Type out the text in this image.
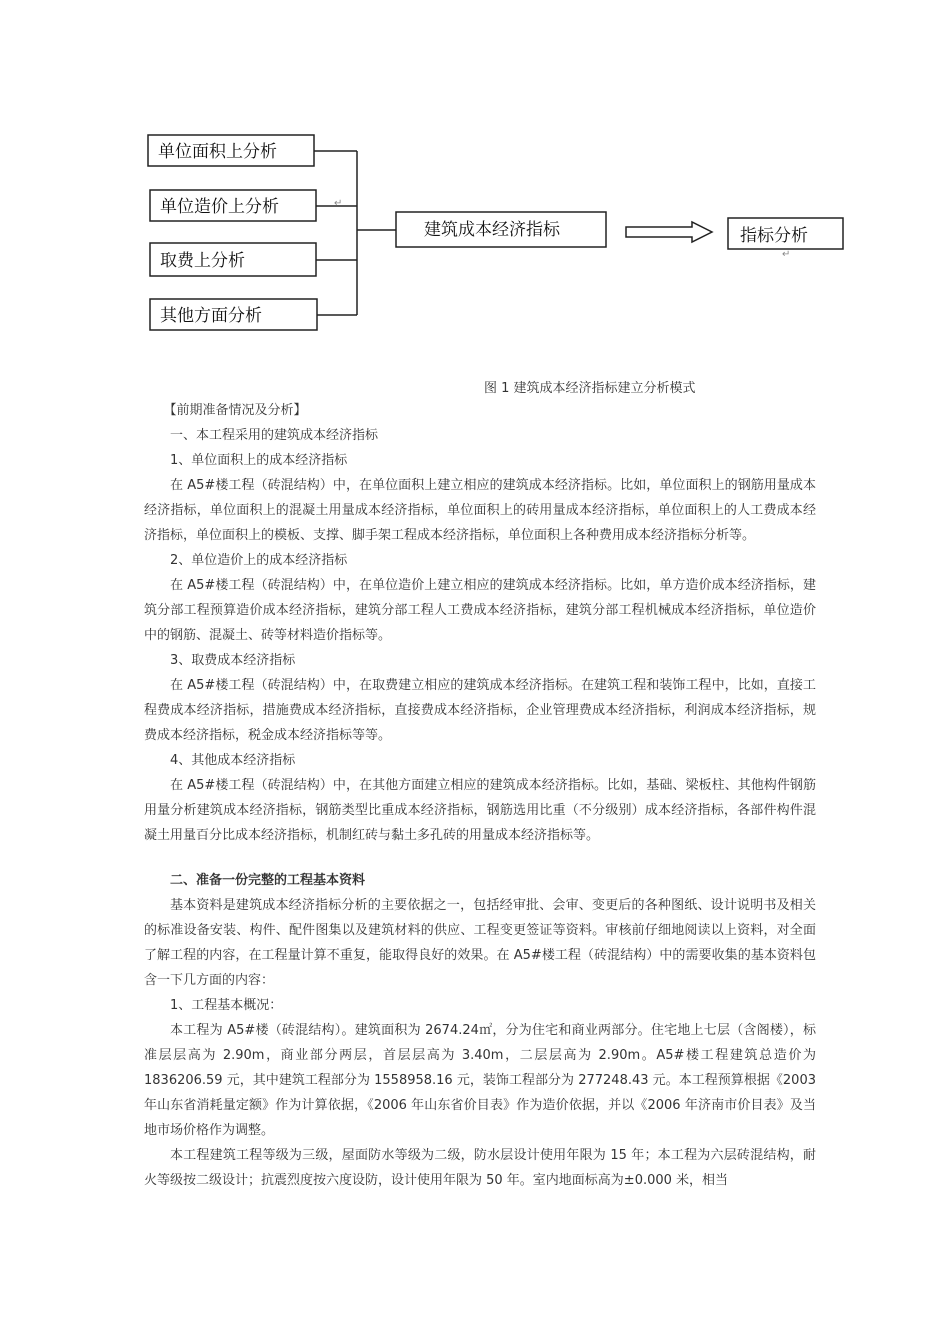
单位面积上分析
单位造价上分析
取费上分析
其他方面分析
↵
建筑成本经济指标	指标分析
↵
图 1 建筑成本经济指标建立分析模式

【前期准备情况及分析】

一、本工程采用的建筑成本经济指标

1、单位面积上的成本经济指标

在 A5#楼工程（砖混结构）中，在单位面积上建立相应的建筑成本经济指标。比如，单位面积上的钢筋用量成本经济指标，单位面积上的混凝土用量成本经济指标，单位面积上的砖用量成本经济指标，单位面积上的人工费成本经济指标，单位面积上的模板、支撑、脚手架工程成本经济指标，单位面积上各种费用成本经济指标分析等。

2、单位造价上的成本经济指标

在 A5#楼工程（砖混结构）中，在单位造价上建立相应的建筑成本经济指标。比如，单方造价成本经济指标，建筑分部工程预算造价成本经济指标，建筑分部工程人工费成本经济指标，建筑分部工程机械成本经济指标，单位造价中的钢筋、混凝土、砖等材料造价指标等。

3、取费成本经济指标

在 A5#楼工程（砖混结构）中，在取费建立相应的建筑成本经济指标。在建筑工程和装饰工程中，比如，直接工程费成本经济指标，措施费成本经济指标，直接费成本经济指标，企业管理费成本经济指标，利润成本经济指标，规费成本经济指标，税金成本经济指标等等。

4、其他成本经济指标

在 A5#楼工程（砖混结构）中，在其他方面建立相应的建筑成本经济指标。比如，基础、梁板柱、其他构件钢筋用量分析建筑成本经济指标，钢筋类型比重成本经济指标，钢筋选用比重（不分级别）成本经济指标，各部件构件混凝土用量百分比成本经济指标，机制红砖与黏土多孔砖的用量成本经济指标等。

二、准备一份完整的工程基本资料

基本资料是建筑成本经济指标分析的主要依据之一，包括经审批、会审、变更后的各种图纸、设计说明书及相关的标准设备安装、构件、配件图集以及建筑材料的供应、工程变更签证等资料。审核前仔细地阅读以上资料，对全面了解工程的内容，在工程量计算不重复，能取得良好的效果。在 A5#楼工程（砖混结构）中的需要收集的基本资料包含一下几方面的内容：

1、工程基本概况：

本工程为 A5#楼（砖混结构）。建筑面积为 2674.24㎡，分为住宅和商业两部分。住宅地上七层（含阁楼），标准层层高为 2.90m，商业部分两层，首层层高为 3.40m，二层层高为 2.90m。A5#楼工程建筑总造价为 1836206.59 元，其中建筑工程部分为 1558958.16 元，装饰工程部分为 277248.43 元。本工程预算根据《2003 年山东省消耗量定额》作为计算依据，《2006 年山东省价目表》作为造价依据，并以《2006 年济南市价目表》及当地市场价格作为调整。

本工程建筑工程等级为三级，屋面防水等级为二级，防水层设计使用年限为 15 年；本工程为六层砖混结构，耐火等级按二级设计；抗震烈度按六度设防，设计使用年限为 50 年。室内地面标高为±0.000 米，相当
